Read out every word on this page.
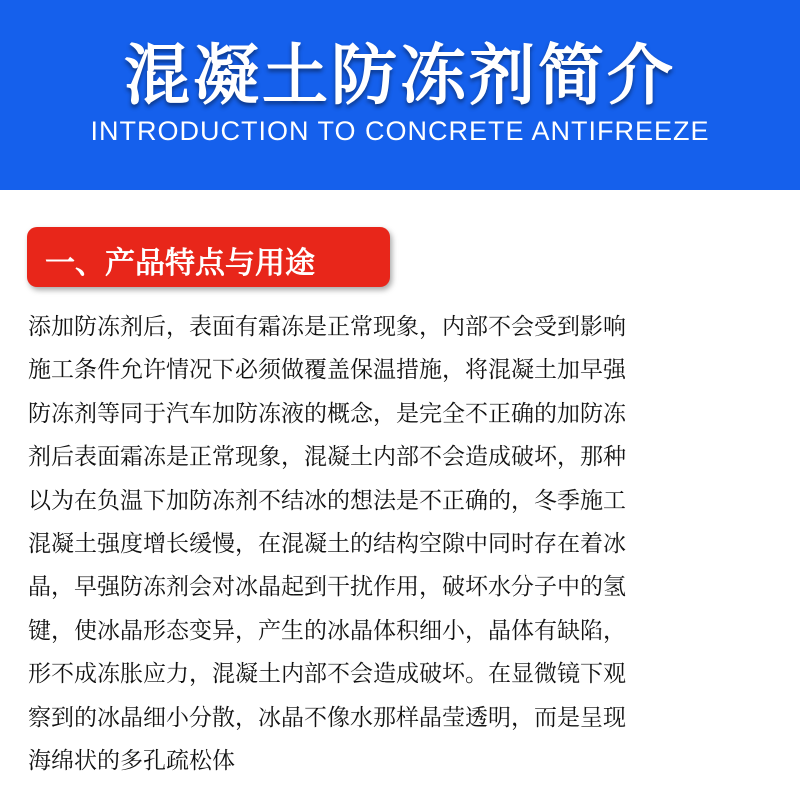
混凝土防冻剂简介
INTRODUCTION TO CONCRETE ANTIFREEZE
一、产品特点与用途
添加防冻剂后，表面有霜冻是正常现象，内部不会受到影响
施工条件允许情况下必须做覆盖保温措施，将混凝土加早强
防冻剂等同于汽车加防冻液的概念，是完全不正确的加防冻
剂后表面霜冻是正常现象，混凝土内部不会造成破坏，那种
以为在负温下加防冻剂不结冰的想法是不正确的，冬季施工
混凝土强度增长缓慢，在混凝土的结构空隙中同时存在着冰
晶，早强防冻剂会对冰晶起到干扰作用，破坏水分子中的氢
键，使冰晶形态变异，产生的冰晶体积细小，晶体有缺陷，
形不成冻胀应力，混凝土内部不会造成破坏。在显微镜下观
察到的冰晶细小分散，冰晶不像水那样晶莹透明，而是呈现
海绵状的多孔疏松体
